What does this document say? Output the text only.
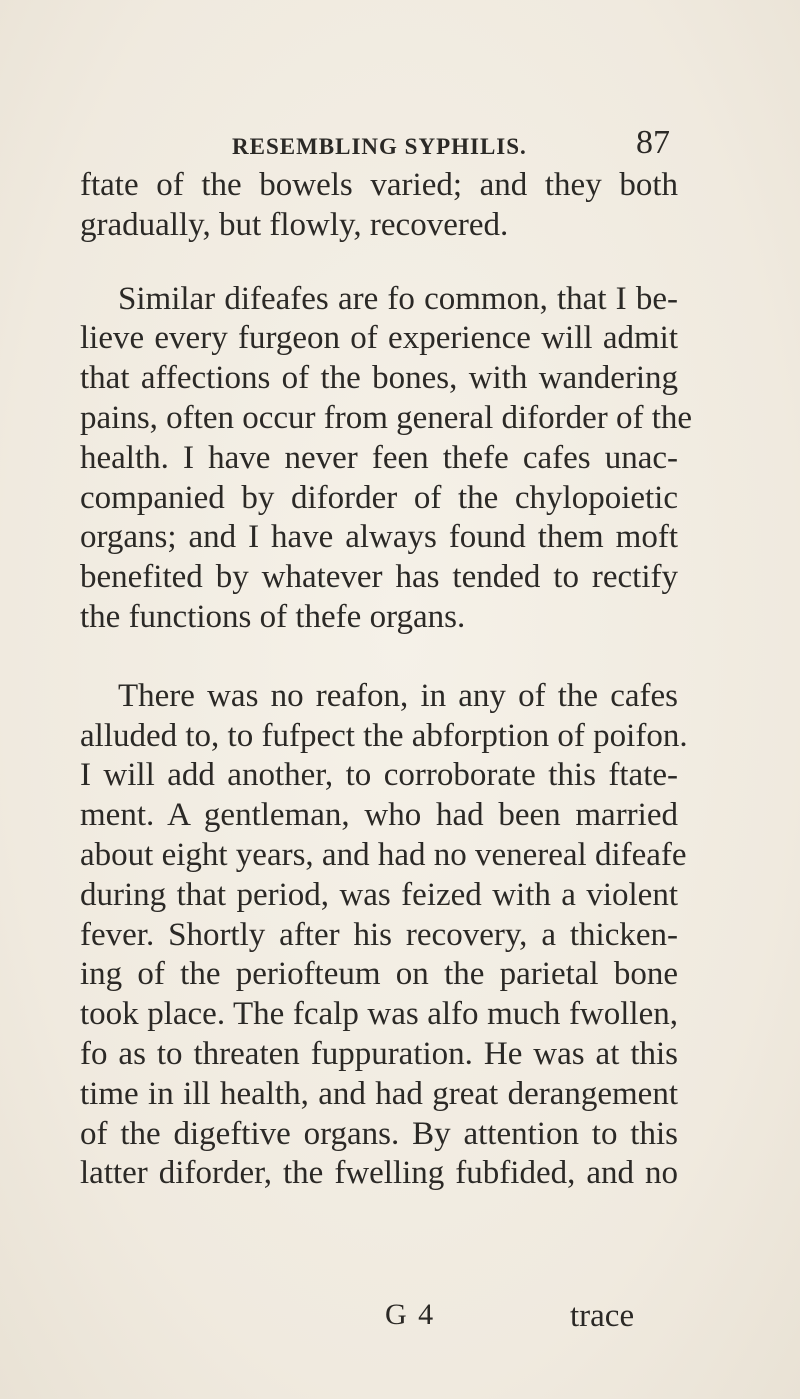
RESEMBLING SYPHILIS.	87
ftate of the bowels varied; and they both
gradually, but flowly, recovered.
Similar difeafes are fo common, that I be-
lieve every furgeon of experience will admit
that affections of the bones, with wandering
pains, often occur from general diforder of the
health. I have never feen thefe cafes unac-
companied by diforder of the chylopoietic
organs; and I have always found them moft
benefited by whatever has tended to rectify
the functions of thefe organs.
There was no reafon, in any of the cafes
alluded to, to fufpect the abforption of poifon.
I will add another, to corroborate this ftate-
ment. A gentleman, who had been married
about eight years, and had no venereal difeafe
during that period, was feized with a violent
fever. Shortly after his recovery, a thicken-
ing of the periofteum on the parietal bone
took place. The fcalp was alfo much fwollen,
fo as to threaten fuppuration. He was at this
time in ill health, and had great derangement
of the digeftive organs. By attention to this
latter diforder, the fwelling fubfided, and no
G 4	trace
